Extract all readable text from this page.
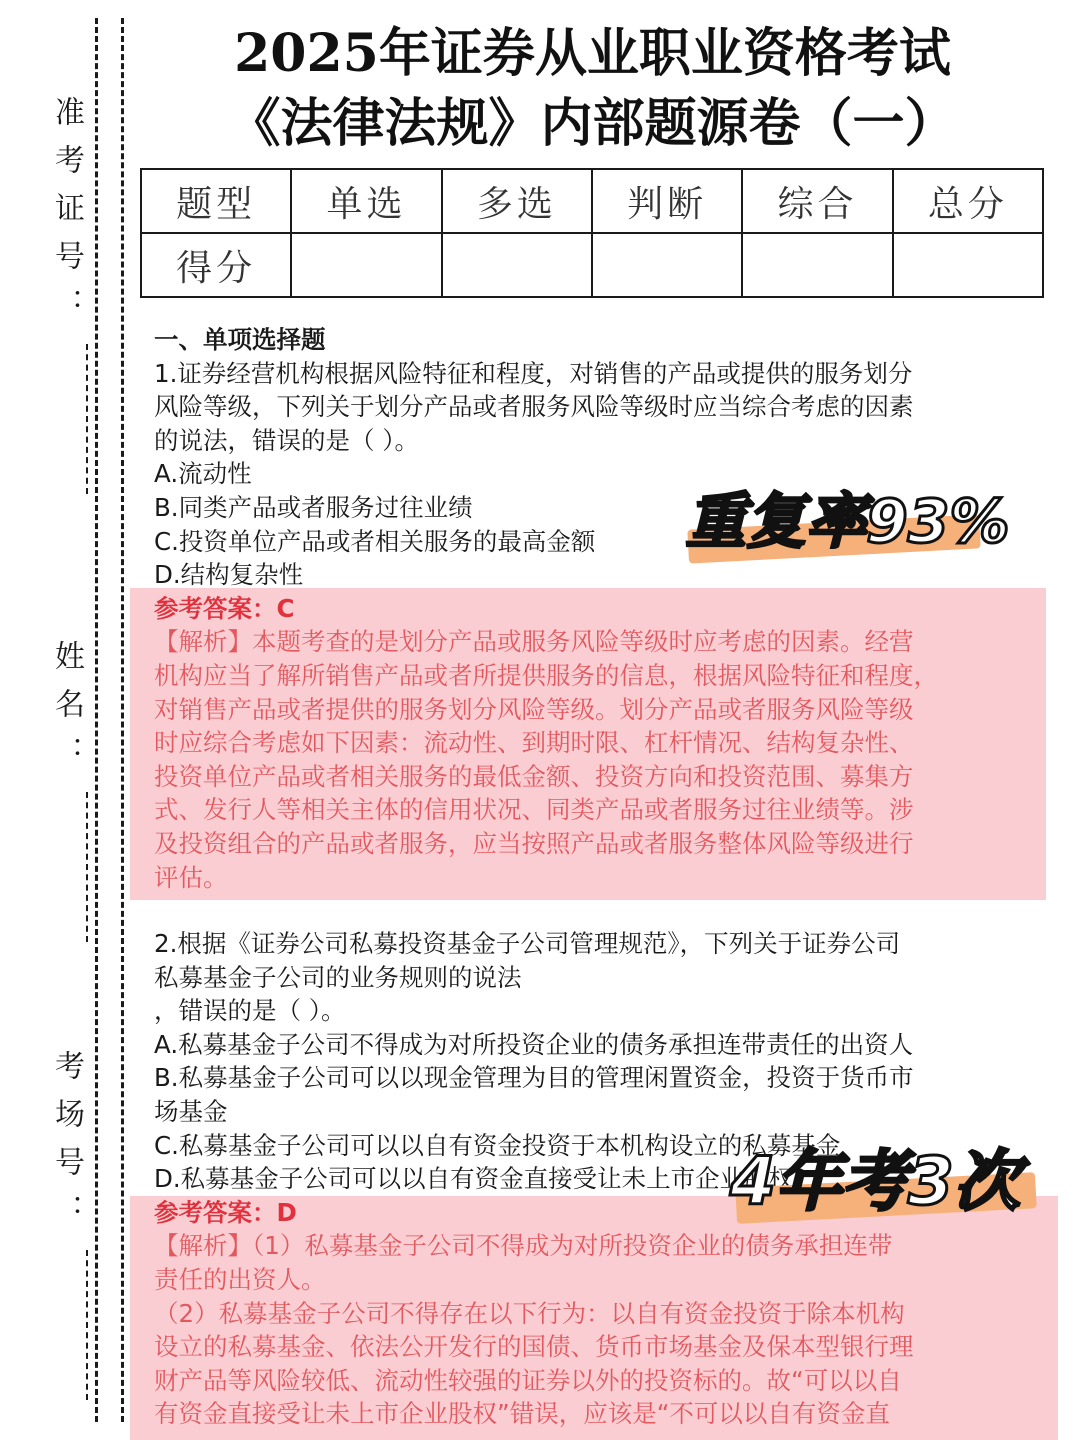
准考证号：
姓名：
考场号：
2025年证券从业职业资格考试
《法律法规》内部题源卷（一）
题型	单选	多选	判断	综合	总分
得分					
一、单项选择题
1.证券经营机构根据风险特征和程度，对销售的产品或提供的服务划分
风险等级，下列关于划分产品或者服务风险等级时应当综合考虑的因素
的说法，错误的是（ ）。
A.流动性
B.同类产品或者服务过往业绩
C.投资单位产品或者相关服务的最高金额
D.结构复杂性
参考答案：C
【解析】本题考查的是划分产品或服务风险等级时应考虑的因素。经营
机构应当了解所销售产品或者所提供服务的信息，根据风险特征和程度，
对销售产品或者提供的服务划分风险等级。划分产品或者服务风险等级
时应综合考虑如下因素：流动性、到期时限、杠杆情况、结构复杂性、
投资单位产品或者相关服务的最低金额、投资方向和投资范围、募集方
式、发行人等相关主体的信用状况、同类产品或者服务过往业绩等。涉
及投资组合的产品或者服务，应当按照产品或者服务整体风险等级进行
评估。
2.根据《证券公司私募投资基金子公司管理规范》，下列关于证券公司
私募基金子公司的业务规则的说法
，错误的是（ ）。
A.私募基金子公司不得成为对所投资企业的债务承担连带责任的出资人
B.私募基金子公司可以以现金管理为目的管理闲置资金，投资于货币市
场基金
C.私募基金子公司可以以自有资金投资于本机构设立的私募基金
D.私募基金子公司可以以自有资金直接受让未上市企业股权
参考答案：D
【解析】（1）私募基金子公司不得成为对所投资企业的债务承担连带
责任的出资人。
（2）私募基金子公司不得存在以下行为：以自有资金投资于除本机构
设立的私募基金、依法公开发行的国债、货币市场基金及保本型银行理
财产品等风险较低、流动性较强的证券以外的投资标的。故“可以以自
有资金直接受让未上市企业股权”错误，应该是“不可以以自有资金直
重复率93%
4年考3次
